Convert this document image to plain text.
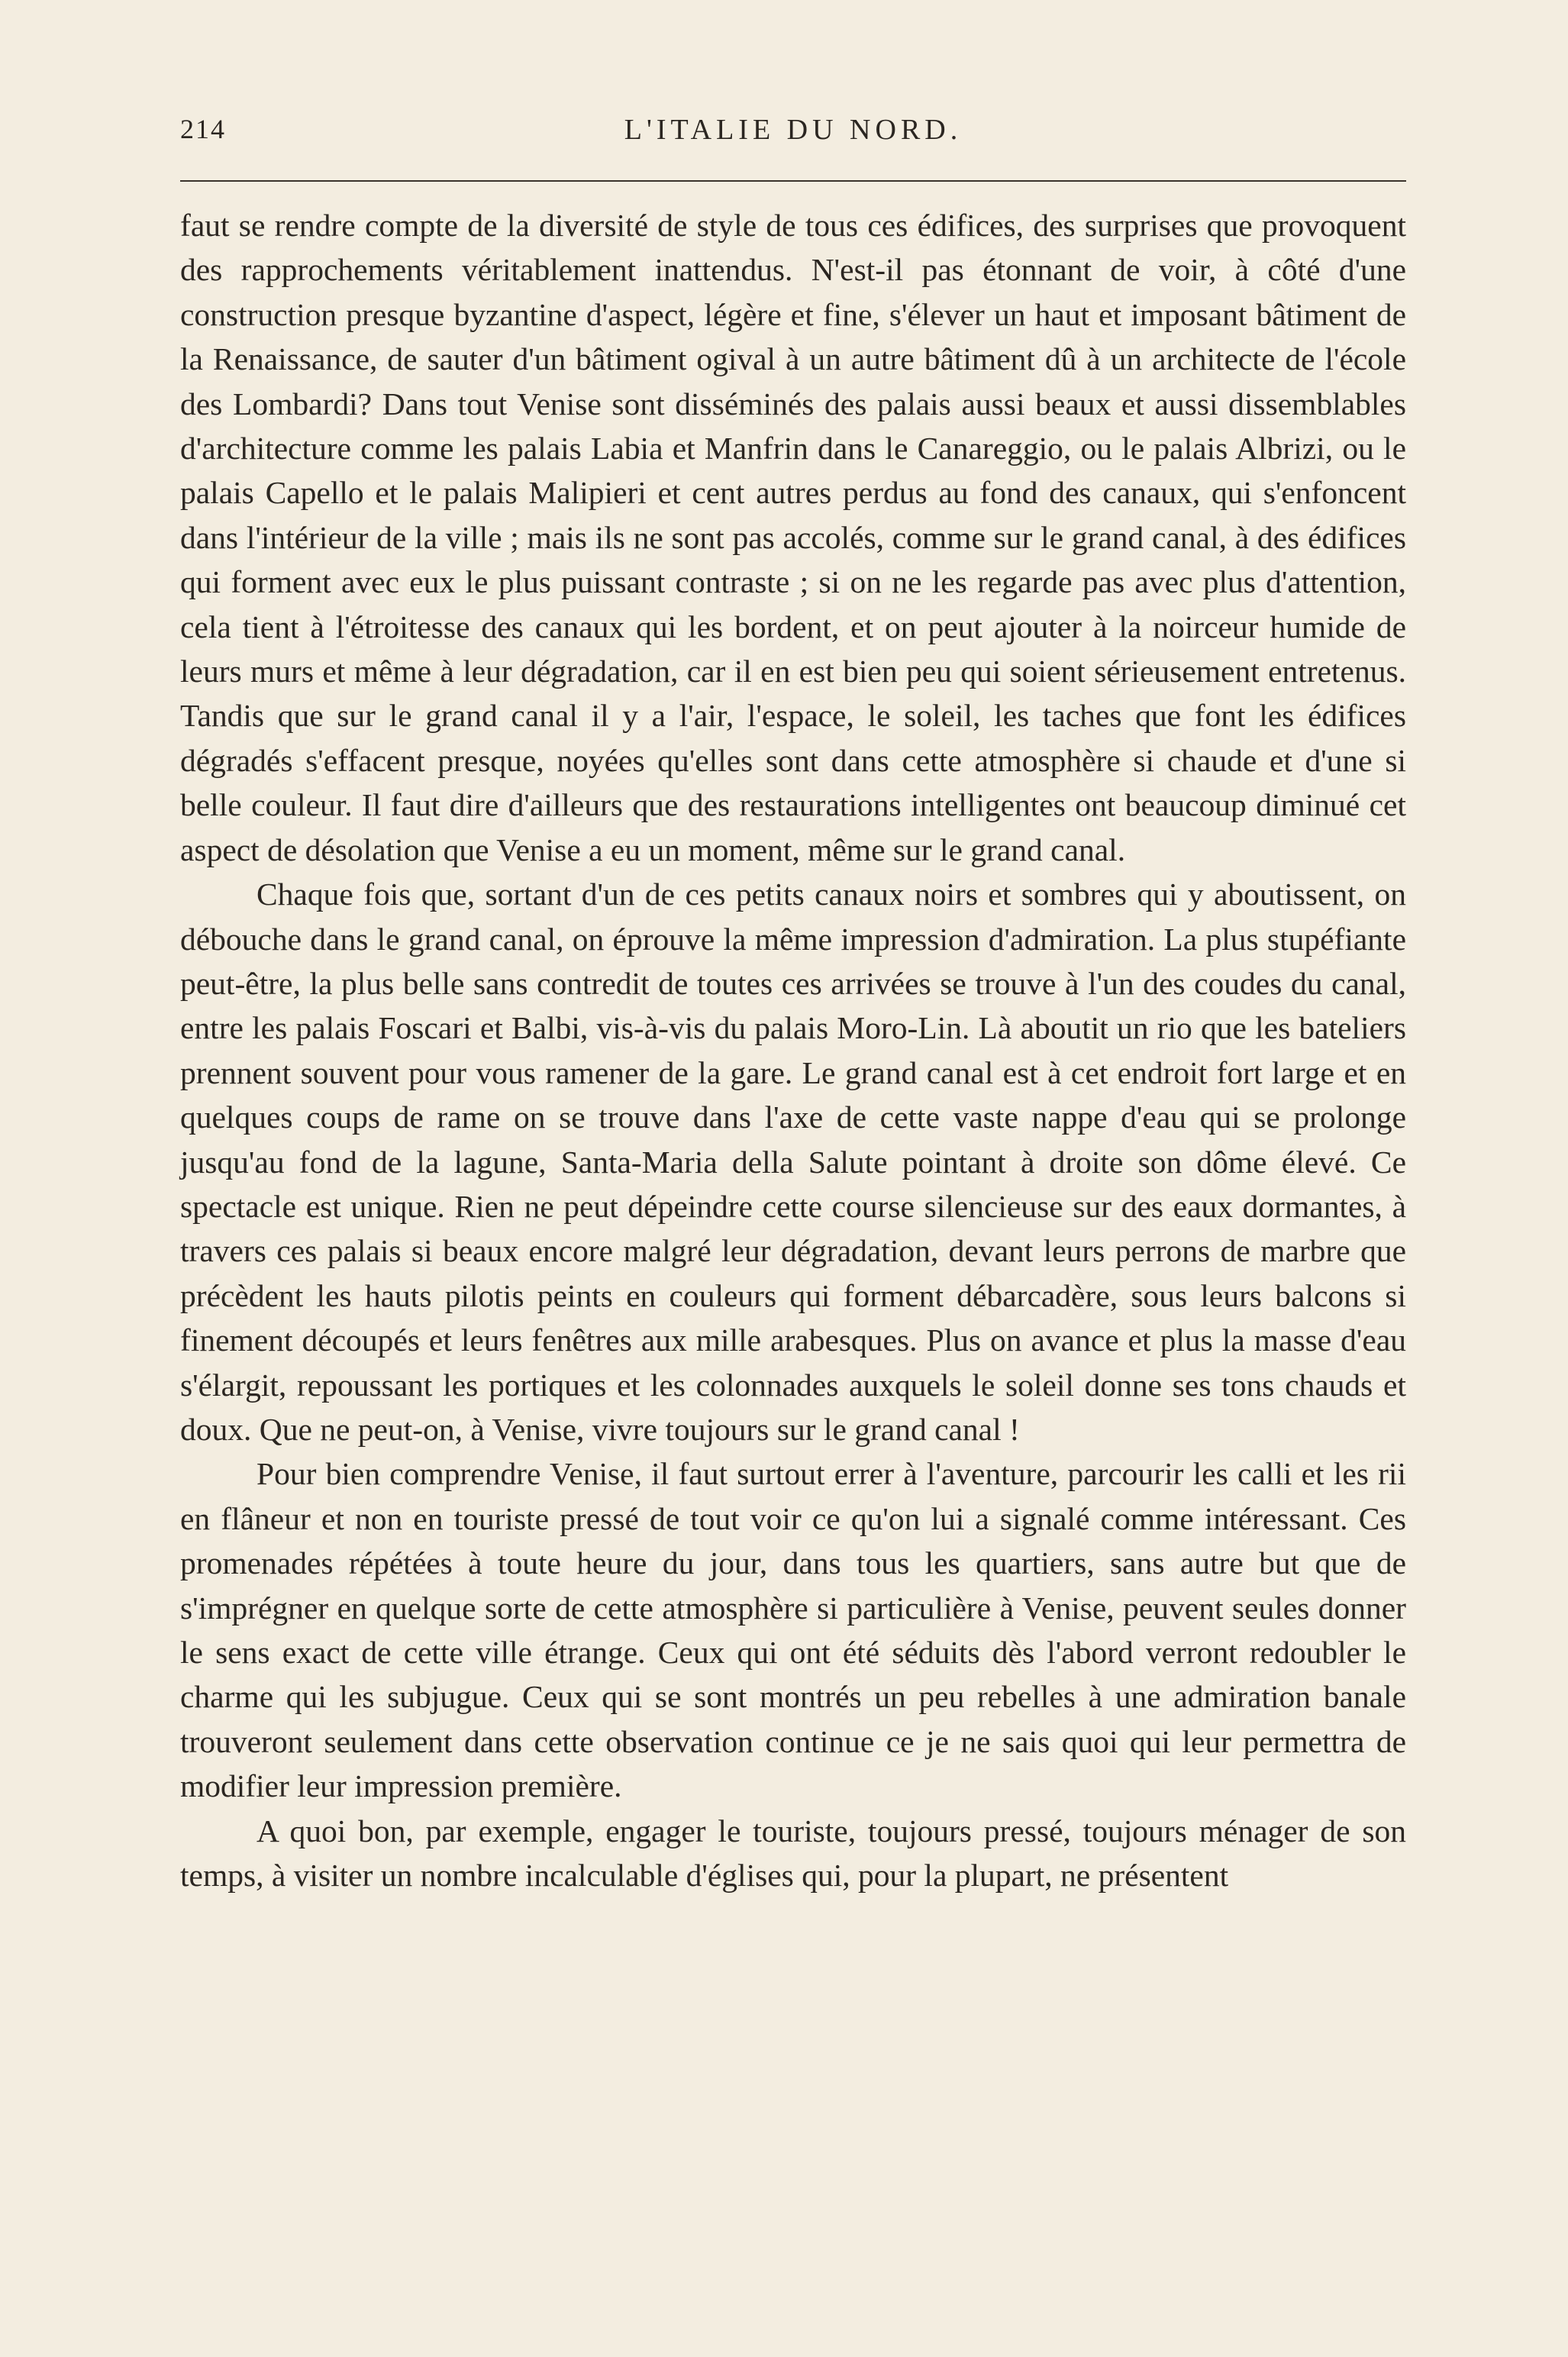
214	L'ITALIE DU NORD.

faut se rendre compte de la diversité de style de tous ces édifices, des surprises que provoquent des rapprochements véritablement inattendus. N'est-il pas étonnant de voir, à côté d'une construction presque byzantine d'aspect, légère et fine, s'élever un haut et imposant bâtiment de la Renaissance, de sauter d'un bâtiment ogival à un autre bâtiment dû à un architecte de l'école des Lombardi? Dans tout Venise sont disséminés des palais aussi beaux et aussi dissemblables d'architecture comme les palais Labia et Manfrin dans le Canareggio, ou le palais Albrizi, ou le palais Capello et le palais Malipieri et cent autres perdus au fond des canaux, qui s'enfoncent dans l'intérieur de la ville ; mais ils ne sont pas accolés, comme sur le grand canal, à des édifices qui forment avec eux le plus puissant contraste ; si on ne les regarde pas avec plus d'attention, cela tient à l'étroitesse des canaux qui les bordent, et on peut ajouter à la noirceur humide de leurs murs et même à leur dégradation, car il en est bien peu qui soient sérieusement entretenus. Tandis que sur le grand canal il y a l'air, l'espace, le soleil, les taches que font les édifices dégradés s'effacent presque, noyées qu'elles sont dans cette atmosphère si chaude et d'une si belle couleur. Il faut dire d'ailleurs que des restaurations intelligentes ont beaucoup diminué cet aspect de désolation que Venise a eu un moment, même sur le grand canal.

Chaque fois que, sortant d'un de ces petits canaux noirs et sombres qui y aboutissent, on débouche dans le grand canal, on éprouve la même impression d'admiration. La plus stupéfiante peut-être, la plus belle sans contredit de toutes ces arrivées se trouve à l'un des coudes du canal, entre les palais Foscari et Balbi, vis-à-vis du palais Moro-Lin. Là aboutit un rio que les bateliers prennent souvent pour vous ramener de la gare. Le grand canal est à cet endroit fort large et en quelques coups de rame on se trouve dans l'axe de cette vaste nappe d'eau qui se prolonge jusqu'au fond de la lagune, Santa-Maria della Salute pointant à droite son dôme élevé. Ce spectacle est unique. Rien ne peut dépeindre cette course silencieuse sur des eaux dormantes, à travers ces palais si beaux encore malgré leur dégradation, devant leurs perrons de marbre que précèdent les hauts pilotis peints en couleurs qui forment débarcadère, sous leurs balcons si finement découpés et leurs fenêtres aux mille arabesques. Plus on avance et plus la masse d'eau s'élargit, repoussant les portiques et les colonnades auxquels le soleil donne ses tons chauds et doux. Que ne peut-on, à Venise, vivre toujours sur le grand canal !

Pour bien comprendre Venise, il faut surtout errer à l'aventure, parcourir les calli et les rii en flâneur et non en touriste pressé de tout voir ce qu'on lui a signalé comme intéressant. Ces promenades répétées à toute heure du jour, dans tous les quartiers, sans autre but que de s'imprégner en quelque sorte de cette atmosphère si particulière à Venise, peuvent seules donner le sens exact de cette ville étrange. Ceux qui ont été séduits dès l'abord verront redoubler le charme qui les subjugue. Ceux qui se sont montrés un peu rebelles à une admiration banale trouveront seulement dans cette observation continue ce je ne sais quoi qui leur permettra de modifier leur impression première.

A quoi bon, par exemple, engager le touriste, toujours pressé, toujours ménager de son temps, à visiter un nombre incalculable d'églises qui, pour la plupart, ne présentent
